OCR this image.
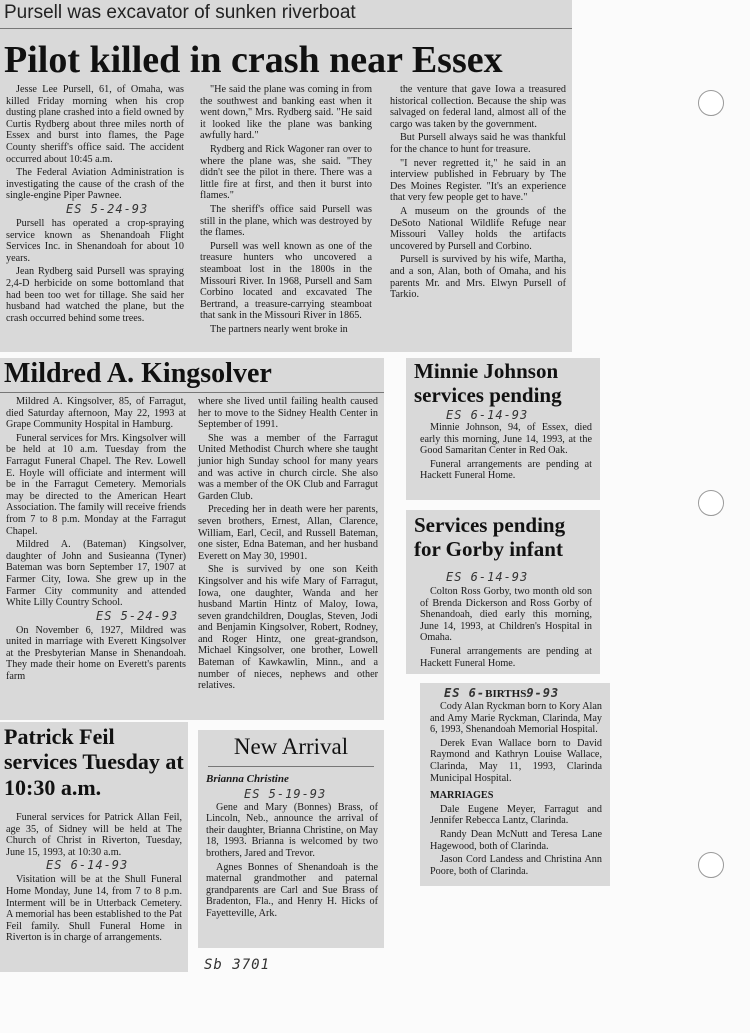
Pursell was excavator of sunken riverboat
Pilot killed in crash near Essex

Jesse Lee Pursell, 61, of Omaha, was killed Friday morning when his crop dusting plane crashed into a field owned by Curtis Rydberg about three miles north of Essex and burst into flames, the Page County sheriff's office said. The accident occurred about 10:45 a.m.

The Federal Aviation Administration is investigating the cause of the crash of the single-engine Piper Pawnee.

ES 5-24-93

Pursell has operated a crop-spraying service known as Shenandoah Flight Services Inc. in Shenandoah for about 10 years.

Jean Rydberg said Pursell was spraying 2,4-D herbicide on some bottomland that had been too wet for tillage. She said her husband had watched the plane, but the crash occurred behind some trees.

"He said the plane was coming in from the southwest and banking east when it went down," Mrs. Rydberg said. "He said it looked like the plane was banking awfully hard."

Rydberg and Rick Wagoner ran over to where the plane was, she said. "They didn't see the pilot in there. There was a little fire at first, and then it burst into flames."

The sheriff's office said Pursell was still in the plane, which was destroyed by the flames.

Pursell was well known as one of the treasure hunters who uncovered a steamboat lost in the 1800s in the Missouri River. In 1968, Pursell and Sam Corbino located and excavated The Bertrand, a treasure-carrying steamboat that sank in the Missouri River in 1865.

The partners nearly went broke in

the venture that gave Iowa a treasured historical collection. Because the ship was salvaged on federal land, almost all of the cargo was taken by the government.

But Pursell always said he was thankful for the chance to hunt for treasure.

"I never regretted it," he said in an interview published in February by The Des Moines Register. "It's an experience that very few people get to have."

A museum on the grounds of the DeSoto National Wildlife Refuge near Missouri Valley holds the artifacts uncovered by Pursell and Corbino.

Pursell is survived by his wife, Martha, and a son, Alan, both of Omaha, and his parents Mr. and Mrs. Elwyn Pursell of Tarkio.

Mildred A. Kingsolver

Mildred A. Kingsolver, 85, of Farragut, died Saturday afternoon, May 22, 1993 at Grape Community Hospital in Hamburg.

Funeral services for Mrs. Kingsolver will be held at 10 a.m. Tuesday from the Farragut Funeral Chapel. The Rev. Lowell E. Hoyle will officiate and interment will be in the Farragut Cemetery. Memorials may be directed to the American Heart Association. The family will receive friends from 7 to 8 p.m. Monday at the Farragut Chapel.

Mildred A. (Bateman) Kingsolver, daughter of John and Susieanna (Tyner) Bateman was born September 17, 1907 at Farmer City, Iowa. She grew up in the Farmer City community and attended White Lilly Country School.

ES 5-24-93

On November 6, 1927, Mildred was united in marriage with Everett Kingsolver at the Presbyterian Manse in Shenandoah. They made their home on Everett's parents farm

where she lived until failing health caused her to move to the Sidney Health Center in September of 1991.

She was a member of the Farragut United Methodist Church where she taught junior high Sunday school for many years and was active in church circle. She also was a member of the OK Club and Farragut Garden Club.

Preceding her in death were her parents, seven brothers, Ernest, Allan, Clarence, William, Earl, Cecil, and Russell Bateman, one sister, Edna Bateman, and her husband Everett on May 30, 19901.

She is survived by one son Keith Kingsolver and his wife Mary of Farragut, Iowa, one daughter, Wanda and her husband Martin Hintz of Maloy, Iowa, seven grandchildren, Douglas, Steven, Jodi and Benjamin Kingsolver, Robert, Rodney, and Roger Hintz, one great-grandson, Michael Kingsolver, one brother, Lowell Bateman of Kawkawlin, Minn., and a number of nieces, nephews and other relatives.

Minnie Johnson services pending
ES 6-14-93

Minnie Johnson, 94, of Essex, died early this morning, June 14, 1993, at the Good Samaritan Center in Red Oak.

Funeral arrangements are pending at Hackett Funeral Home.

Services pending for Gorby infant
ES 6-14-93

Colton Ross Gorby, two month old son of Brenda Dickerson and Ross Gorby of Shenandoah, died early this morning, June 14, 1993, at Children's Hospital in Omaha.

Funeral arrangements are pending at Hackett Funeral Home.

ES 6-BIRTHS9-93

Cody Alan Ryckman born to Kory Alan and Amy Marie Ryckman, Clarinda, May 6, 1993, Shenandoah Memorial Hospital.

Derek Evan Wallace born to David Raymond and Kathryn Louise Wallace, Clarinda, May 11, 1993, Clarinda Municipal Hospital.

MARRIAGES

Dale Eugene Meyer, Farragut and Jennifer Rebecca Lantz, Clarinda.

Randy Dean McNutt and Teresa Lane Hagewood, both of Clarinda.

Jason Cord Landess and Christina Ann Poore, both of Clarinda.

Patrick Feil services Tuesday at 10:30 a.m.

Funeral services for Patrick Allan Feil, age 35, of Sidney will be held at The Church of Christ in Riverton, Tuesday, June 15, 1993, at 10:30 a.m.

ES 6-14-93

Visitation will be at the Shull Funeral Home Monday, June 14, from 7 to 8 p.m. Interment will be in Utterback Cemetery. A memorial has been established to the Pat Feil family. Shull Funeral Home in Riverton is in charge of arrangements.

New Arrival

Brianna Christine

ES 5-19-93

Gene and Mary (Bonnes) Brass, of Lincoln, Neb., announce the arrival of their daughter, Brianna Christine, on May 18, 1993. Brianna is welcomed by two brothers, Jared and Trevor.

Agnes Bonnes of Shenandoah is the maternal grandmother and paternal grandparents are Carl and Sue Brass of Bradenton, Fla., and Henry H. Hicks of Fayetteville, Ark.

Sb 3701
